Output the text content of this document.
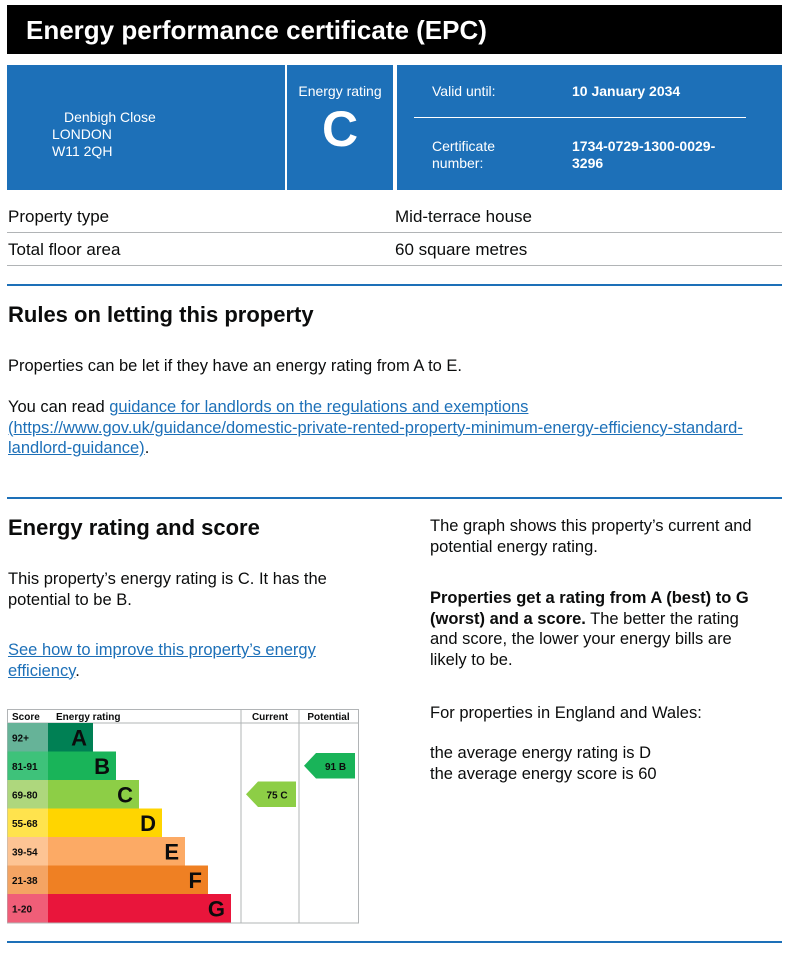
Energy performance certificate (EPC)
Denbigh Close
LONDON
W11 2QH
Energy rating
C
Valid until:	10 January 2034
Certificate
number:
1734-0729-1300-0029-
3296
Property type	Mid-terrace house
Total floor area	60 square metres
Rules on letting this property
Properties can be let if they have an energy rating from A to E.
You can read guidance for landlords on the regulations and exemptions
(https://www.gov.uk/guidance/domestic-private-rented-property-minimum-energy-efficiency-standard-
landlord-guidance).
Energy rating and score
This property’s energy rating is C. It has the
potential to be B.
See how to improve this property’s energy
efficiency.
The graph shows this property’s current and
potential energy rating.
Properties get a rating from A (best) to G
(worst) and a score. The better the rating
and score, the lower your energy bills are
likely to be.
For properties in England and Wales:
the average energy rating is D
the average energy score is 60
Score Energy rating	Current Potential
92+ A
81-91	B
69-80	C
55-68	D
39-54	E
21-38	F
1-20	G
75 C
91 B
